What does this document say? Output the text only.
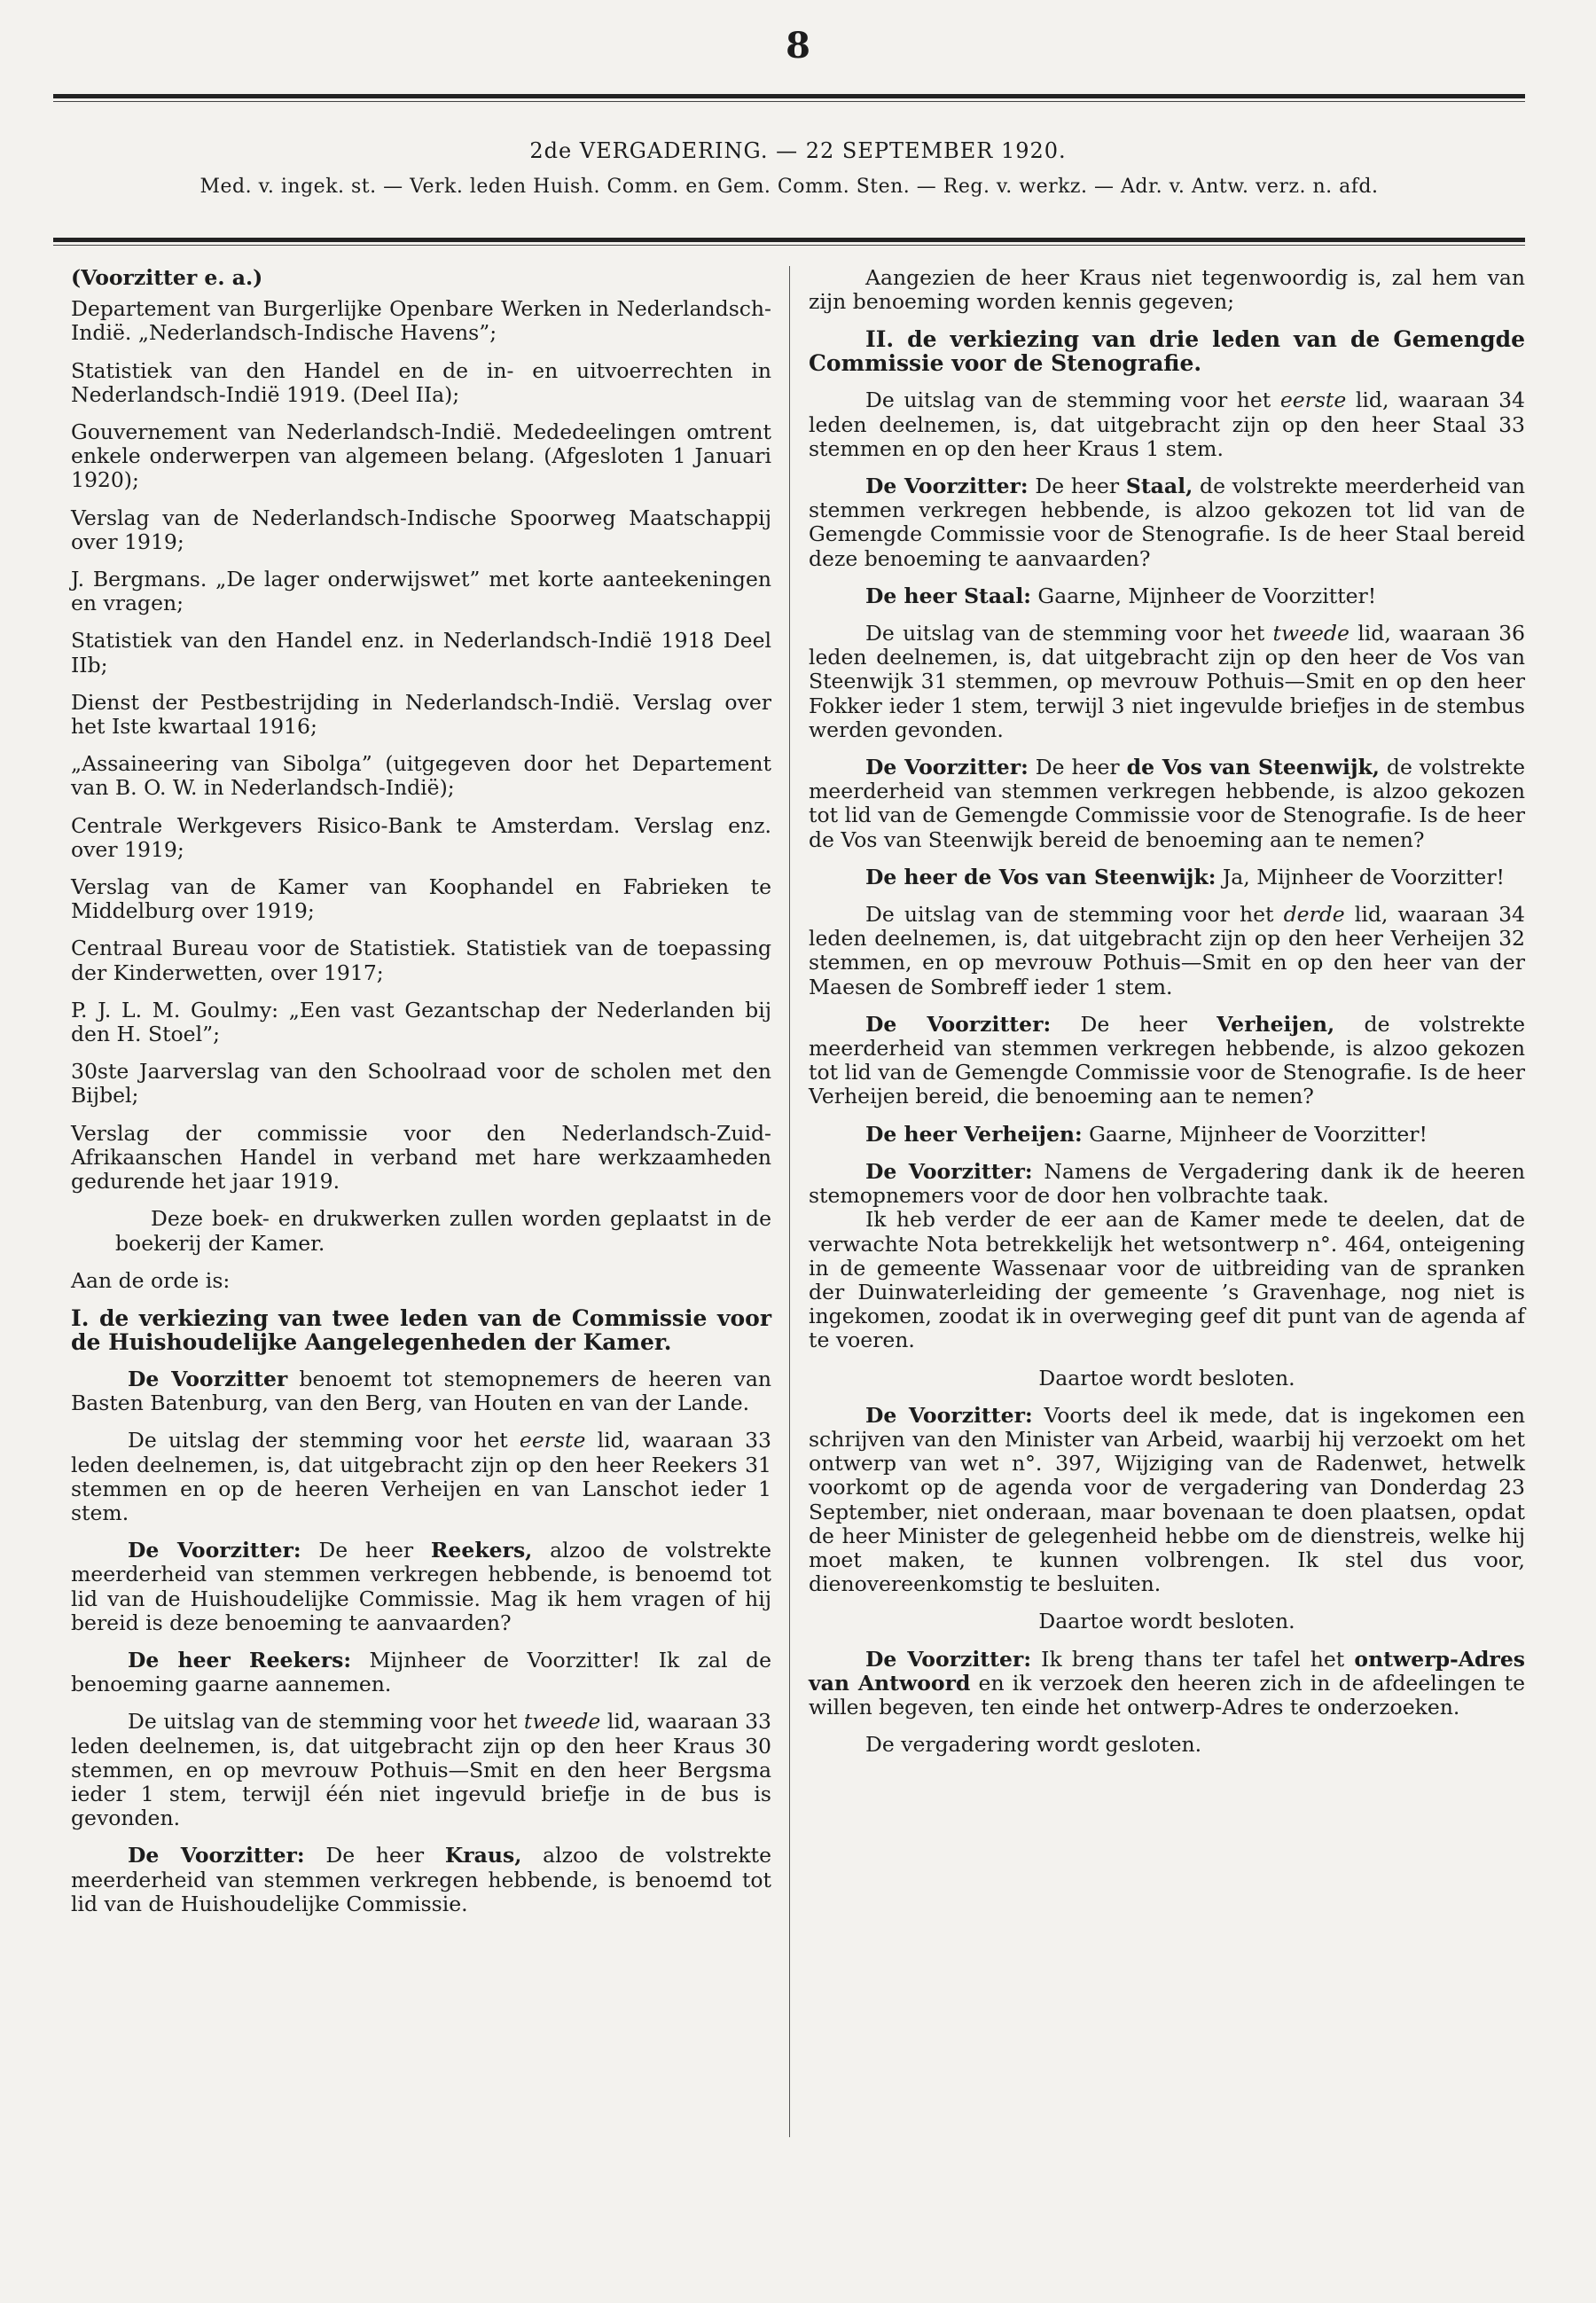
8
2de VERGADERING. — 22 SEPTEMBER 1920.
Med. v. ingek. st. — Verk. leden Huish. Comm. en Gem. Comm. Sten. — Reg. v. werkz. — Adr. v. Antw. verz. n. afd.

(Voorzitter e. a.)

Departement van Burgerlijke Openbare Werken in Nederlandsch-Indië. „Nederlandsch-Indische Havens”;

Statistiek van den Handel en de in- en uitvoerrechten in Nederlandsch-Indië 1919. (Deel IIa);

Gouvernement van Nederlandsch-Indië. Mededeelingen omtrent enkele onderwerpen van algemeen belang. (Afgesloten 1 Januari 1920);

Verslag van de Nederlandsch-Indische Spoorweg Maatschappij over 1919;

J. Bergmans. „De lager onderwijswet” met korte aanteekeningen en vragen;

Statistiek van den Handel enz. in Nederlandsch-Indië 1918 Deel IIb;

Dienst der Pestbestrijding in Nederlandsch-Indië. Verslag over het Iste kwartaal 1916;

„Assaineering van Sibolga” (uitgegeven door het Departement van B. O. W. in Nederlandsch-Indië);

Centrale Werkgevers Risico-Bank te Amsterdam. Verslag enz. over 1919;

Verslag van de Kamer van Koophandel en Fabrieken te Middelburg over 1919;

Centraal Bureau voor de Statistiek. Statistiek van de toepassing der Kinderwetten, over 1917;

P. J. L. M. Goulmy: „Een vast Gezantschap der Nederlanden bij den H. Stoel”;

30ste Jaarverslag van den Schoolraad voor de scholen met den Bijbel;

Verslag der commissie voor den Nederlandsch-Zuid-Afrikaanschen Handel in verband met hare werkzaamheden gedurende het jaar 1919.

Deze boek- en drukwerken zullen worden geplaatst in de boekerij der Kamer.

Aan de orde is:

I. de verkiezing van twee leden van de Commissie voor de Huishoudelijke Aangelegenheden der Kamer.

De Voorzitter benoemt tot stemopnemers de heeren van Basten Batenburg, van den Berg, van Houten en van der Lande.

De uitslag der stemming voor het eerste lid, waaraan 33 leden deelnemen, is, dat uitgebracht zijn op den heer Reekers 31 stemmen en op de heeren Verheijen en van Lanschot ieder 1 stem.

De Voorzitter: De heer Reekers, alzoo de volstrekte meerderheid van stemmen verkregen hebbende, is benoemd tot lid van de Huishoudelijke Commissie. Mag ik hem vragen of hij bereid is deze benoeming te aanvaarden?

De heer Reekers: Mijnheer de Voorzitter! Ik zal de benoeming gaarne aannemen.

De uitslag van de stemming voor het tweede lid, waaraan 33 leden deelnemen, is, dat uitgebracht zijn op den heer Kraus 30 stemmen, en op mevrouw Pothuis—Smit en den heer Bergsma ieder 1 stem, terwijl één niet ingevuld briefje in de bus is gevonden.

De Voorzitter: De heer Kraus, alzoo de volstrekte meerderheid van stemmen verkregen hebbende, is benoemd tot lid van de Huishoudelijke Commissie.

Aangezien de heer Kraus niet tegenwoordig is, zal hem van zijn benoeming worden kennis gegeven;

II. de verkiezing van drie leden van de Gemengde Commissie voor de Stenografie.

De uitslag van de stemming voor het eerste lid, waaraan 34 leden deelnemen, is, dat uitgebracht zijn op den heer Staal 33 stemmen en op den heer Kraus 1 stem.

De Voorzitter: De heer Staal, de volstrekte meerderheid van stemmen verkregen hebbende, is alzoo gekozen tot lid van de Gemengde Commissie voor de Stenografie. Is de heer Staal bereid deze benoeming te aanvaarden?

De heer Staal: Gaarne, Mijnheer de Voorzitter!

De uitslag van de stemming voor het tweede lid, waaraan 36 leden deelnemen, is, dat uitgebracht zijn op den heer de Vos van Steenwijk 31 stemmen, op mevrouw Pothuis—Smit en op den heer Fokker ieder 1 stem, terwijl 3 niet ingevulde briefjes in de stembus werden gevonden.

De Voorzitter: De heer de Vos van Steenwijk, de volstrekte meerderheid van stemmen verkregen hebbende, is alzoo gekozen tot lid van de Gemengde Commissie voor de Stenografie. Is de heer de Vos van Steenwijk bereid de benoeming aan te nemen?

De heer de Vos van Steenwijk: Ja, Mijnheer de Voorzitter!

De uitslag van de stemming voor het derde lid, waaraan 34 leden deelnemen, is, dat uitgebracht zijn op den heer Verheijen 32 stemmen, en op mevrouw Pothuis—Smit en op den heer van der Maesen de Sombreff ieder 1 stem.

De Voorzitter: De heer Verheijen, de volstrekte meerderheid van stemmen verkregen hebbende, is alzoo gekozen tot lid van de Gemengde Commissie voor de Stenografie. Is de heer Verheijen bereid, die benoeming aan te nemen?

De heer Verheijen: Gaarne, Mijnheer de Voorzitter!

De Voorzitter: Namens de Vergadering dank ik de heeren stemopnemers voor de door hen volbrachte taak.

Ik heb verder de eer aan de Kamer mede te deelen, dat de verwachte Nota betrekkelijk het wetsontwerp n°. 464, onteigening in de gemeente Wassenaar voor de uitbreiding van de spranken der Duinwaterleiding der gemeente ’s Gravenhage, nog niet is ingekomen, zoodat ik in overweging geef dit punt van de agenda af te voeren.

Daartoe wordt besloten.

De Voorzitter: Voorts deel ik mede, dat is ingekomen een schrijven van den Minister van Arbeid, waarbij hij verzoekt om het ontwerp van wet n°. 397, Wijziging van de Radenwet, hetwelk voorkomt op de agenda voor de vergadering van Donderdag 23 September, niet onderaan, maar bovenaan te doen plaatsen, opdat de heer Minister de gelegenheid hebbe om de dienstreis, welke hij moet maken, te kunnen volbrengen. Ik stel dus voor, dienovereenkomstig te besluiten.

Daartoe wordt besloten.

De Voorzitter: Ik breng thans ter tafel het ontwerp-Adres van Antwoord en ik verzoek den heeren zich in de afdeelingen te willen begeven, ten einde het ontwerp-Adres te onderzoeken.

De vergadering wordt gesloten.
